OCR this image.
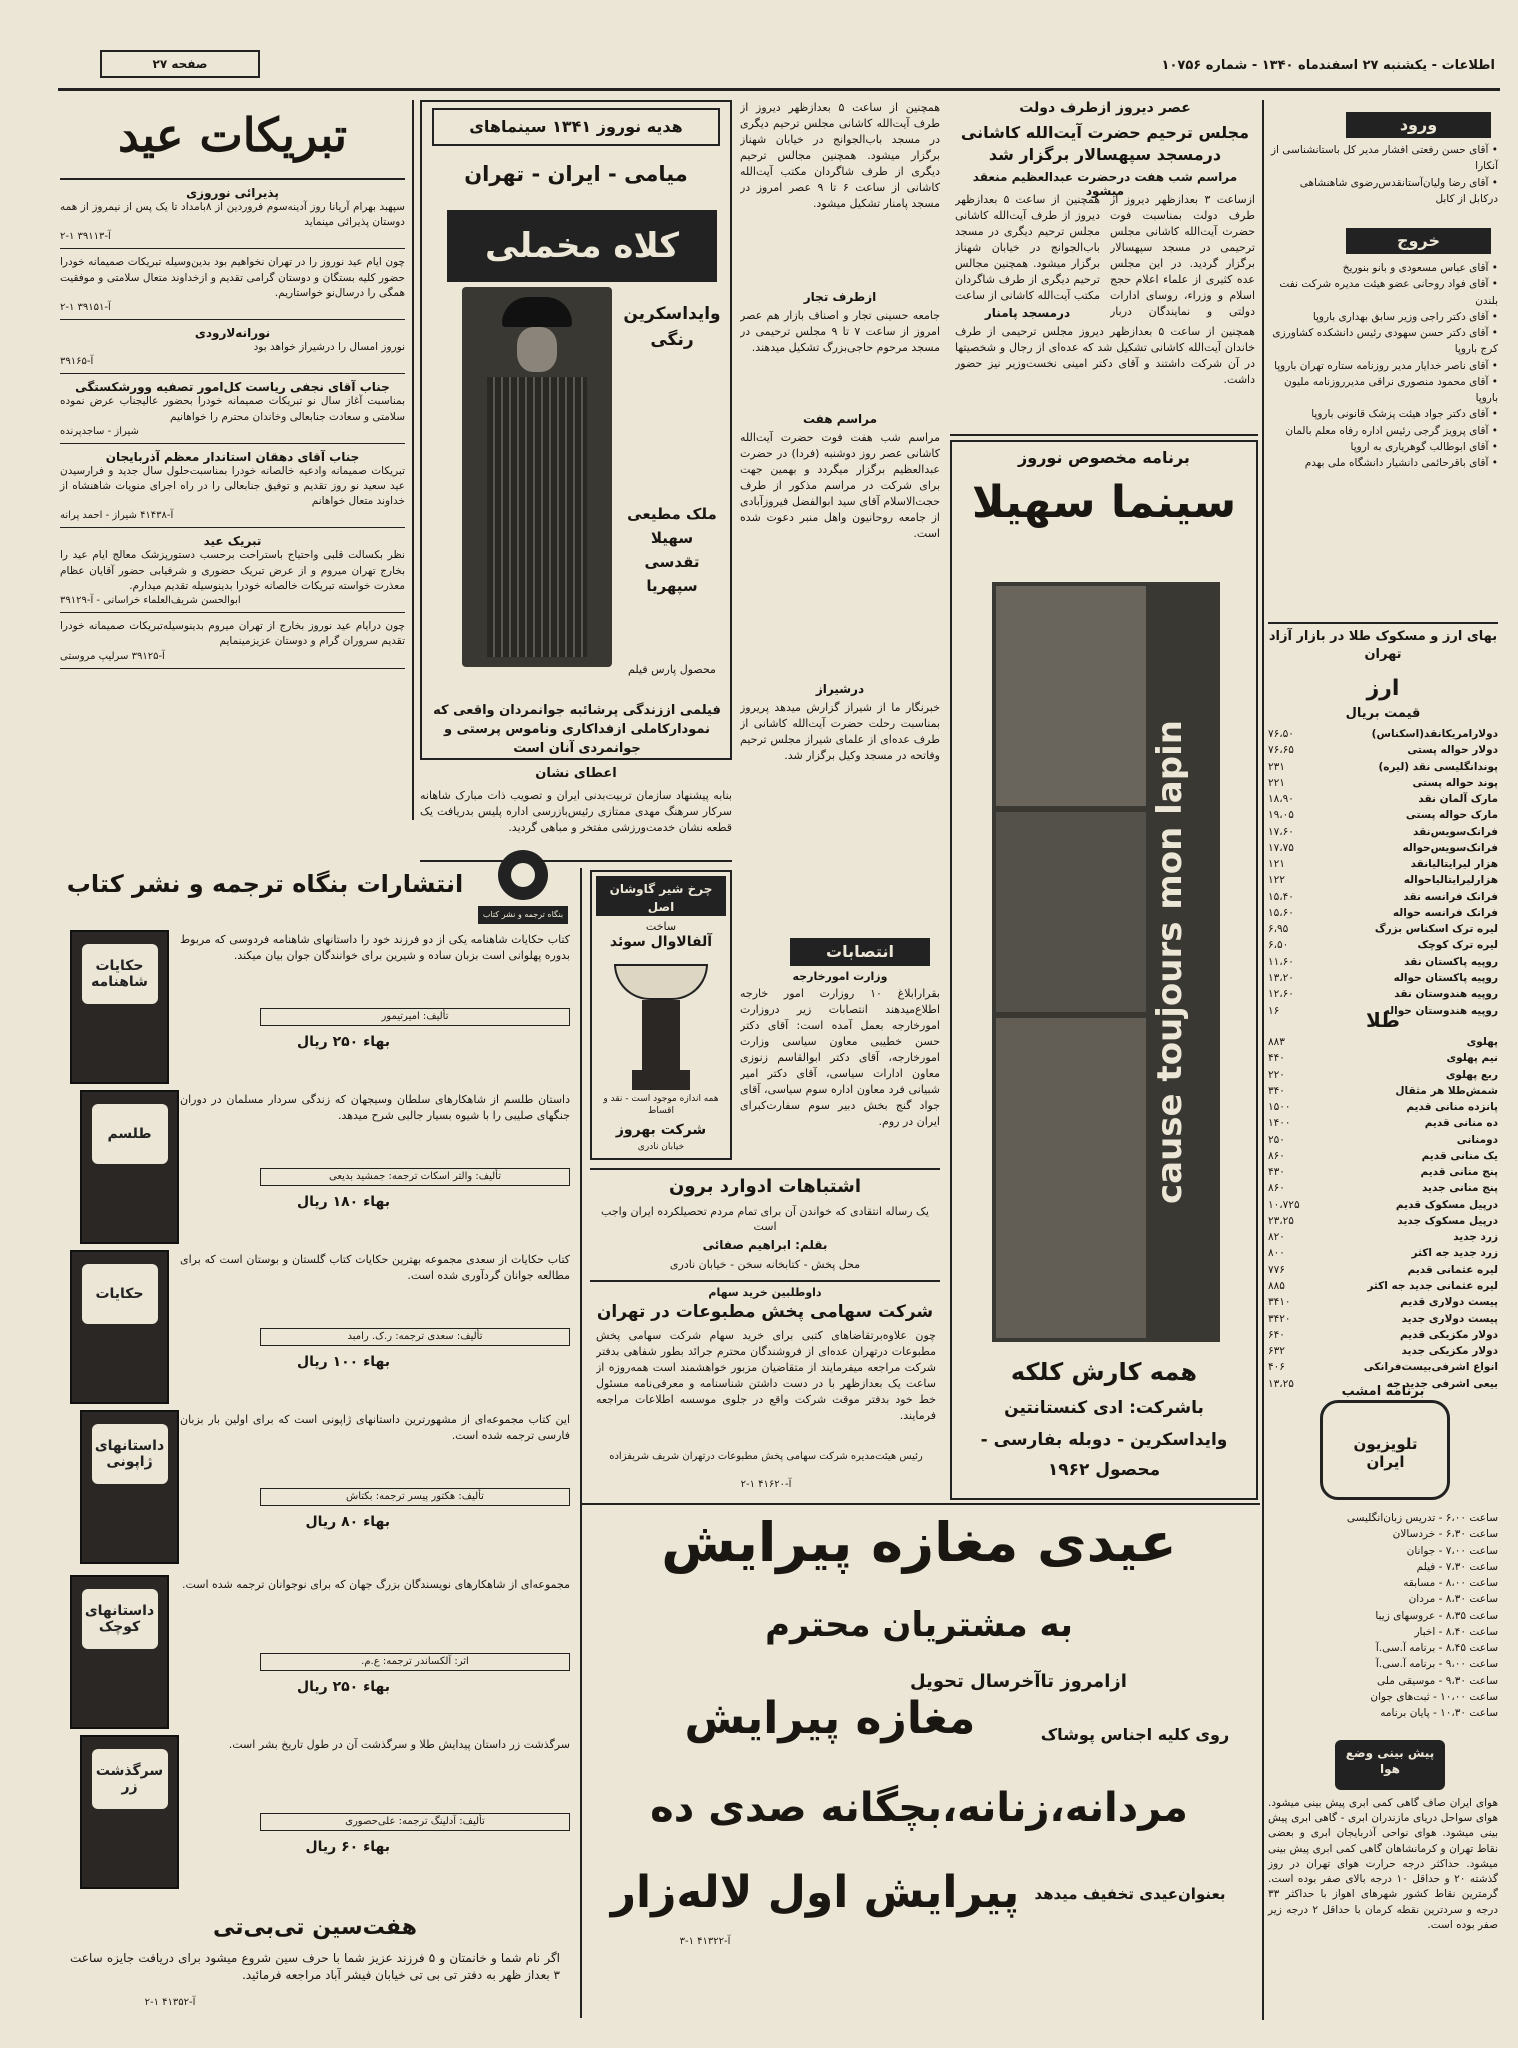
اطلاعات - یکشنبه ۲۷ اسفندماه ۱۳۴۰ - شماره ۱۰۷۵۶
صفحه ۲۷
ورود
• آقای حسن رفعتی افشار مدیر کل باستانشناسی از آنکارا
• آقای رضا ولیان‌آستانقدس‌رضوی شاهنشاهی درکابل از کابل
خروج
• آقای عباس مسعودی و بانو بنوریخ
• آقای فواد روحانی عضو هیئت مدیره شرکت نفت بلندن
• آقای دکتر راجی وزیر سابق بهداری باروپا
• آقای دکتر حسن سهودی رئیس دانشکده کشاورزی کرج باروپا
• آقای ناصر خدایار مدیر روزنامه ستاره تهران باروپا
• آقای محمود منصوری نراقی مدیرروزنامه ملیون باروپا
• آقای دکتر جواد هیئت پزشک قانونی باروپا
• آقای پرویز گرجی رئیس اداره رفاه معلم بالمان
• آقای ابوطالب گوهریاری به اروپا
• آقای باقرحائمی دانشیار دانشگاه ملی بهدم
بهای ارز و مسکوک طلا در بازار آزاد تهران
ارز
قیمت بریال
دولارامریکانقد(اسکناس)
۷۶،۵۰
دولار حواله پستی
۷۶،۶۵
پوندانگلیسی نقد (لیره)
۲۳۱
پوند حواله پستی
۲۲۱
مارک آلمان نقد
۱۸،۹۰
مارک حواله پستی
۱۹،۰۵
فرانک‌سویس‌نقد
۱۷،۶۰
فرانک‌سویس‌حواله
۱۷،۷۵
هزار لیرایتالیانقد
۱۲۱
هزارلیرایتالیاحواله
۱۲۲
فرانک فرانسه نقد
۱۵،۴۰
فرانک فرانسه حواله
۱۵،۶۰
لیره ترک اسکناس بزرگ
۶،۹۵
لیره ترک کوچک
۶،۵۰
روپیه پاکستان نقد
۱۱،۶۰
روپیه پاکستان حواله
۱۳،۲۰
روپیه هندوستان نقد
۱۲،۶۰
روپیه هندوستان حواله
۱۶	طلا
پهلوی
۸۸۳
نیم پهلوی
۴۴۰
ربع پهلوی
۲۲۰
شمش‌طلا هر مثقال
۳۴۰
پانزده منانی قدیم
۱۵۰۰
ده منانی قدیم
۱۴۰۰
دومنانی
۲۵۰
یک منانی قدیم
۸۶۰
پنج منانی قدیم
۴۳۰
پنج منانی جدید
۸۶۰
درپیل مسکوک قدیم
۱۰،۷۲۵
درپیل مسکوک جدید
۲۳،۲۵
زرد جدید
۸۲۰
زرد جدید جه اکثر
۸۰۰
لیره عثمانی قدیم
۷۷۶
لیره عثمانی جدید جه اکثر
۸۸۵
پیست دولاری قدیم
۳۴۱۰
پیست دولاری جدید
۳۴۲۰
دولار مکزیکی قدیم
۶۴۰
دولار مکزیکی جدید
۶۳۲
انواع اشرفی‌بیست‌فرانکی
۴۰۶
بیعی اشرفی جدید جه
۱۳،۲۵
برنامه امشب
تلویزیون ایران
ساعت ۶،۰۰ - تدریس زبان‌انگلیسی
ساعت ۶،۳۰ - خردسالان
ساعت ۷،۰۰ - جوانان
ساعت ۷،۳۰ - فیلم
ساعت ۸،۰۰ - مسابقه
ساعت ۸،۳۰ - مردان
ساعت ۸،۳۵ - عروسهای زیبا
ساعت ۸،۴۰ - اخبار
ساعت ۸،۴۵ - برنامه آ.سی.آ
ساعت ۹،۰۰ - برنامه آ.سی.آ
ساعت ۹،۳۰ - موسیقی ملی
ساعت ۱۰،۰۰ - ثبت‌های جوان
ساعت ۱۰،۳۰ - پایان برنامه
پیش بینی وضع هوا
هوای ایران صاف گاهی کمی ابری پیش بینی میشود. هوای سواحل دریای مازندران ابری - گاهی ابری پیش بینی میشود. هوای نواحی آذربایجان ابری و بعضی نقاط تهران و کرمانشاهان گاهی کمی ابری پیش بینی میشود. حداکثر درجه حرارت هوای تهران در روز گذشته ۲۰ و حداقل ۱۰ درجه بالای صفر بوده است. گرمترین نقاط کشور شهرهای اهواز با حداکثر ۳۳ درجه و سردترین نقطه کرمان با حداقل ۲ درجه زیر صفر بوده است.
عصر دیروز ازطرف دولت
مجلس ترحیم حضرت آیت‌الله کاشانی درمسجد سپهسالار برگزار شد
مراسم شب هفت درحضرت عبدالعظیم منعقد میشود
ازساعت ۳ بعدازظهر دیروز از طرف دولت بمناسبت فوت حضرت آیت‌الله کاشانی مجلس ترحیمی در مسجد سپهسالار برگزار گردید. در این مجلس عده کثیری از علماء اعلام حجج اسلام و وزراء، روسای ادارات دولتی و نمایندگان دربار
همچنین از ساعت ۵ بعدازظهر دیروز از طرف آیت‌الله کاشانی مجلس ترحیم دیگری در مسجد باب‌الجوانج در خیابان شهناز برگزار میشود. همچنین مجالس ترحیم دیگری از طرف شاگردان مکتب آیت‌الله کاشانی از ساعت
درمسجد پامنار
همچنین از ساعت ۵ بعدازظهر دیروز مجلس ترحیمی از طرف خاندان آیت‌الله کاشانی تشکیل شد که عده‌ای از رجال و شخصیتها در آن شرکت داشتند و آقای دکتر امینی نخست‌وزیر نیز حضور داشت.
همچنین از ساعت ۵ بعدازظهر دیروز از طرف آیت‌الله کاشانی مجلس ترحیم دیگری در مسجد باب‌الجوانج در خیابان شهناز برگزار میشود. همچنین مجالس ترحیم دیگری از طرف شاگردان مکتب آیت‌الله کاشانی از ساعت ۶ تا ۹ عصر امروز در مسجد پامنار تشکیل میشود.
ازطرف تجار
جامعه حسینی تجار و اصناف بازار هم عصر امروز از ساعت ۷ تا ۹ مجلس ترحیمی در مسجد مرحوم حاجی‌بزرگ تشکیل میدهند.
مراسم هفت
مراسم شب هفت فوت حضرت آیت‌الله کاشانی عصر روز دوشنبه (فردا) در حضرت عبدالعظیم برگزار میگردد و بهمین جهت برای شرکت در مراسم مذکور از طرف حجت‌الاسلام آقای سید ابوالفضل فیروزآبادی از جامعه روحانیون واهل منبر دعوت شده است.
درشیراز
خبرنگار ما از شیراز گزارش میدهد پریروز بمناسبت رحلت حضرت آیت‌الله کاشانی از طرف عده‌ای از علمای شیراز مجلس ترحیم وفاتحه در مسجد وکیل برگزار شد.
هدیه نوروز ۱۳۴۱ سینماهای
میامی - ایران - تهران
کلاه مخملی
وایداسکرین رنگی
ملک مطیعی
سهیلا
تقدسی
سپهریا
محصول پارس فیلم
فیلمی اززندگی پرشائبه جوانمردان واقعی که نمودارکاملی ازفداکاری وناموس پرستی و جوانمردی آنان است
اعطای نشان
بنابه پیشنهاد سازمان تربیت‌بدنی ایران و تصویب ذات مبارک شاهانه سرکار سرهنگ مهدی ممتازی رئیس‌بازرسی اداره پلیس بدریافت یک قطعه نشان خدمت‌ورزشی مفتخر و مباهی گردید.
چرخ شیر گاوشان اصل
ساخت
آلفالاوال سوئد
همه اندازه موجود است - نقد و اقساط
شرکت بهروز
خیابان نادری
انتصابات
وزارت امورخارجه
بقرارابلاغ ۱۰ روزارت امور خارجه اطلاع‌میدهند انتصابات زیر دروزارت امورخارجه بعمل آمده است: آقای دکتر حسن خطیبی معاون سیاسی وزارت امورخارجه، آقای دکتر ابوالقاسم زنوزی معاون ادارات سیاسی، آقای دکتر امیر شبیانی فرد معاون اداره سوم سیاسی، آقای جواد گنج بخش دبیر سوم سفارت‌کبرای ایران در روم.
اشتباهات ادوارد برون
یک رساله انتقادی که خواندن آن برای تمام مردم تحصیلکرده ایران واجب است
بقلم: ابراهیم صفائی
محل پخش - کتابخانه سخن - خیابان نادری
داوطلبین خرید سهام
شرکت سهامی پخش مطبوعات در تهران
چون علاوه‌برتقاضاهای کتبی برای خرید سهام شرکت سهامی پخش مطبوعات درتهران عده‌ای از فروشندگان محترم جرائد بطور شفاهی بدفتر شرکت مراجعه میفرمایند از متقاضیان مزبور خواهشمند است همه‌روزه از ساعت یک بعدازظهر با در دست داشتن شناسنامه و معرفی‌نامه مسئول خط خود بدفتر موقت شرکت واقع در جلوی موسسه اطلاعات مراجعه فرمایند.
رئیس هیئت‌مدیره شرکت سهامی پخش مطبوعات درتهران شریف شریفزاده
آ-۴۱۶۲۰ ۱-۲
برنامه مخصوص نوروز
سینما سهیلا
cause toujours mon lapin
همه کارش کلکه
باشرکت: ادی کنستانتین
وایداسکرین - دوبله بفارسی -
محصول ۱۹۶۲
عیدی مغازه پیرایش
به مشتریان محترم
ازامروز تاآخرسال تحویل
مغازه پیرایش	روی کلیه اجناس پوشاک
مردانه،زنانه،بچگانه صدی ده
بعنوان‌عیدی تخفیف میدهد
پیرایش اول لاله‌زار
آ-۴۱۳۲۲ ۱-۳
تبریکات عید
پذیرائی نوروزی
سپهبد بهرام آریانا روز آدینه‌سوم فروردین از ۸بامداد تا یک پس از نیمروز از همه دوستان پذیرائی مینماید
آ-۳۹۱۱۳ ۱-۲
چون ایام عید نوروز را در تهران نخواهیم بود بدین‌وسیله تبریکات صمیمانه خودرا حضور کلیه بستگان و دوستان گرامی تقدیم و ازخداوند متعال سلامتی و موفقیت همگی را درسال‌نو خواستاریم.
آ-۳۹۱۵۱ ۱-۲
نورانه‌لارودی
نوروز امسال را درشیراز خواهد بود
آ-۳۹۱۶۵
جناب آقای نجفی ریاست کل‌امور تصفیه وورشکستگی
بمناسبت آغاز سال نو تبریکات صمیمانه خودرا بحضور عالیجناب عرض نموده سلامتی و سعادت جنابعالی وخاندان محترم را خواهانیم
شیراز - ساجدپرنده
جناب آقای دهقان استاندار معظم آذربایجان
تبریکات صمیمانه وادعیه خالصانه خودرا بمناسبت‌حلول سال جدید و فرارسیدن عید سعید نو روز تقدیم و توفیق جنابعالی را در راه اجرای منویات شاهنشاه از خداوند متعال خواهانم
آ-۴۱۴۳۸ شیراز - احمد پرانه
تبریک عید
نظر بکسالت قلبی واحتیاج باستراحت برحسب دستورپزشک معالج ایام عید را بخارج تهران میروم و از عرض تبریک حضوری و شرفیابی حضور آقایان عظام معذرت خواسته تبریکات خالصانه خودرا بدینوسیله تقدیم میدارم.
ابوالحسن شریف‌العلماء خراسانی - آ-۳۹۱۲۹
چون درایام عید نوروز بخارج از تهران میروم بدینوسیله‌تبریکات صمیمانه خودرا تقدیم سروران گرام و دوستان عزیزمینمایم
آ-۳۹۱۲۵ سرلیپ مروستی
انتشارات بنگاه ترجمه و نشر کتاب
بنگاه ترجمه و نشر کتاب
حکایات شاهنامه
کتاب حکایات شاهنامه یکی از دو فرزند خود را داستانهای شاهنامه فردوسی که مربوط بدوره پهلوانی است بزبان ساده و شیرین برای خوانندگان جوان بیان میکند.
تألیف: امیرتیمور
بهاء ۲۵۰ ریال
طلسم
داستان طلسم از شاهکارهای سلطان وسیجهان که زندگی سردار مسلمان در دوران جنگهای صلیبی را با شیوه بسیار جالبی شرح میدهد.
تألیف: والتر اسکات ترجمه: جمشید بدیعی
بهاء ۱۸۰ ریال
حکایات
کتاب حکایات از سعدی مجموعه بهترین حکایات کتاب گلستان و بوستان است که برای مطالعه جوانان گردآوری شده است.
تألیف: سعدی ترجمه: ر.ک. رامبد
بهاء ۱۰۰ ریال
داستانهای ژاپونی
این کتاب مجموعه‌ای از مشهورترین داستانهای ژاپونی است که برای اولین بار بزبان فارسی ترجمه شده است.
تألیف: هکتور پیسر ترجمه: بکتاش
بهاء ۸۰ ریال
داستانهای کوچک
مجموعه‌ای از شاهکارهای نویسندگان بزرگ جهان که برای نوجوانان ترجمه شده است.
اثر: آلکساندر ترجمه: ع.م.
بهاء ۲۵۰ ریال
سرگذشت زر
سرگذشت زر داستان پیدایش طلا و سرگذشت آن در طول تاریخ بشر است.
تألیف: آدلینگ ترجمه: علی‌حصوری
بهاء ۶۰ ریال
هفت‌سین تی‌بی‌تی
اگر نام شما و خانمتان و ۵ فرزند عزیز شما با حرف سین شروع میشود برای دریافت جایزه ساعت ۳ بعداز ظهر به دفتر تی بی تی خیابان فیشر آباد مراجعه فرمائید.
آ-۴۱۳۵۲ ۱-۲
